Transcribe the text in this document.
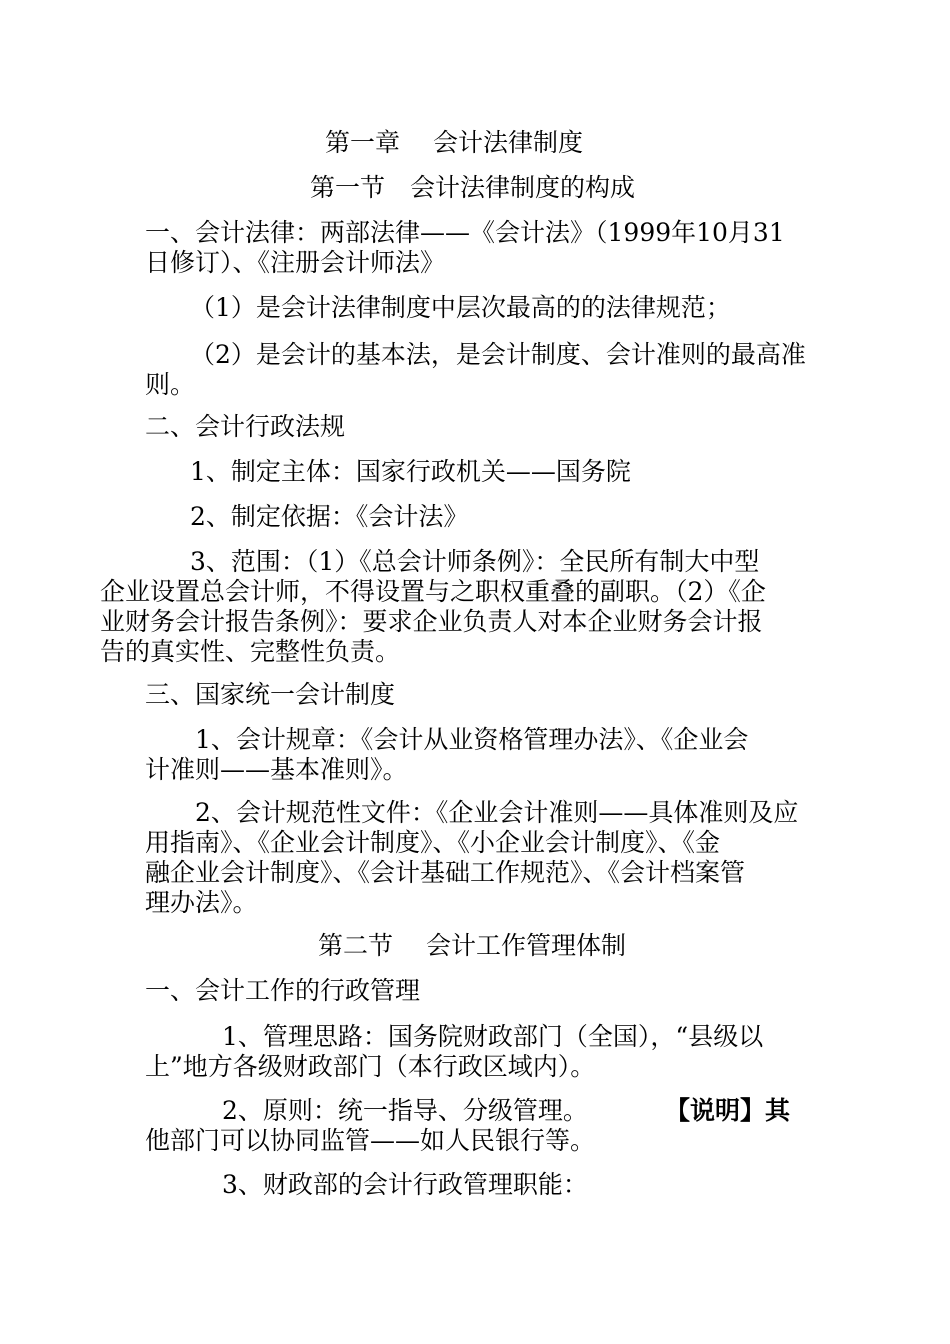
第一章　 会计法律制度
第一节　会计法律制度的构成
一、会计法律：两部法律——《会计法》（1999年10月31
日修订）、《注册会计师法》
（1）是会计法律制度中层次最高的的法律规范；
（2）是会计的基本法，是会计制度、会计准则的最高准
则。
二、会计行政法规
1、制定主体：国家行政机关——国务院
2、制定依据：《会计法》
3、范围：（1）《总会计师条例》：全民所有制大中型
企业设置总会计师，不得设置与之职权重叠的副职。（2）《企
业财务会计报告条例》：要求企业负责人对本企业财务会计报
告的真实性、完整性负责。
三、国家统一会计制度
1、会计规章：《会计从业资格管理办法》、《企业会
计准则——基本准则》。
2、会计规范性文件：《企业会计准则——具体准则及应
用指南》、《企业会计制度》、《小企业会计制度》、《金
融企业会计制度》、《会计基础工作规范》、《会计档案管
理办法》。
第二节　 会计工作管理体制
一、会计工作的行政管理
1、管理思路：国务院财政部门（全国），“县级以
上”地方各级财政部门（本行政区域内）。
2、原则：统一指导、分级管理。	【说明】其
他部门可以协同监管——如人民银行等。
3、财政部的会计行政管理职能：
